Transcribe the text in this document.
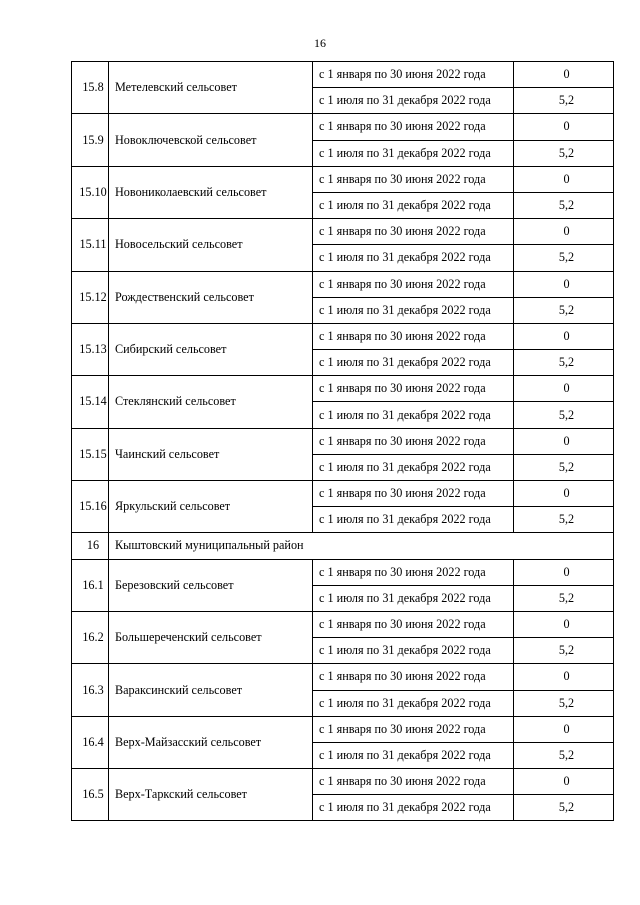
16
15.8	Метелевский сельсовет	с 1 января по 30 июня 2022 года	0
		с 1 июля по 31 декабря 2022 года	5,2
15.9	Новоключевской сельсовет	с 1 января по 30 июня 2022 года	0
		с 1 июля по 31 декабря 2022 года	5,2
15.10	Новониколаевский сельсовет	с 1 января по 30 июня 2022 года	0
		с 1 июля по 31 декабря 2022 года	5,2
15.11	Новосельский сельсовет	с 1 января по 30 июня 2022 года	0
		с 1 июля по 31 декабря 2022 года	5,2
15.12	Рождественский сельсовет	с 1 января по 30 июня 2022 года	0
		с 1 июля по 31 декабря 2022 года	5,2
15.13	Сибирский сельсовет	с 1 января по 30 июня 2022 года	0
		с 1 июля по 31 декабря 2022 года	5,2
15.14	Стеклянский сельсовет	с 1 января по 30 июня 2022 года	0
		с 1 июля по 31 декабря 2022 года	5,2
15.15	Чаинский сельсовет	с 1 января по 30 июня 2022 года	0
		с 1 июля по 31 декабря 2022 года	5,2
15.16	Яркульский сельсовет	с 1 января по 30 июня 2022 года	0
		с 1 июля по 31 декабря 2022 года	5,2
16	Кыштовский муниципальный район		
16.1	Березовский сельсовет	с 1 января по 30 июня 2022 года	0
		с 1 июля по 31 декабря 2022 года	5,2
16.2	Большереченский сельсовет	с 1 января по 30 июня 2022 года	0
		с 1 июля по 31 декабря 2022 года	5,2
16.3	Вараксинский сельсовет	с 1 января по 30 июня 2022 года	0
		с 1 июля по 31 декабря 2022 года	5,2
16.4	Верх-Майзасский сельсовет	с 1 января по 30 июня 2022 года	0
		с 1 июля по 31 декабря 2022 года	5,2
16.5	Верх-Таркский сельсовет	с 1 января по 30 июня 2022 года	0
		с 1 июля по 31 декабря 2022 года	5,2
